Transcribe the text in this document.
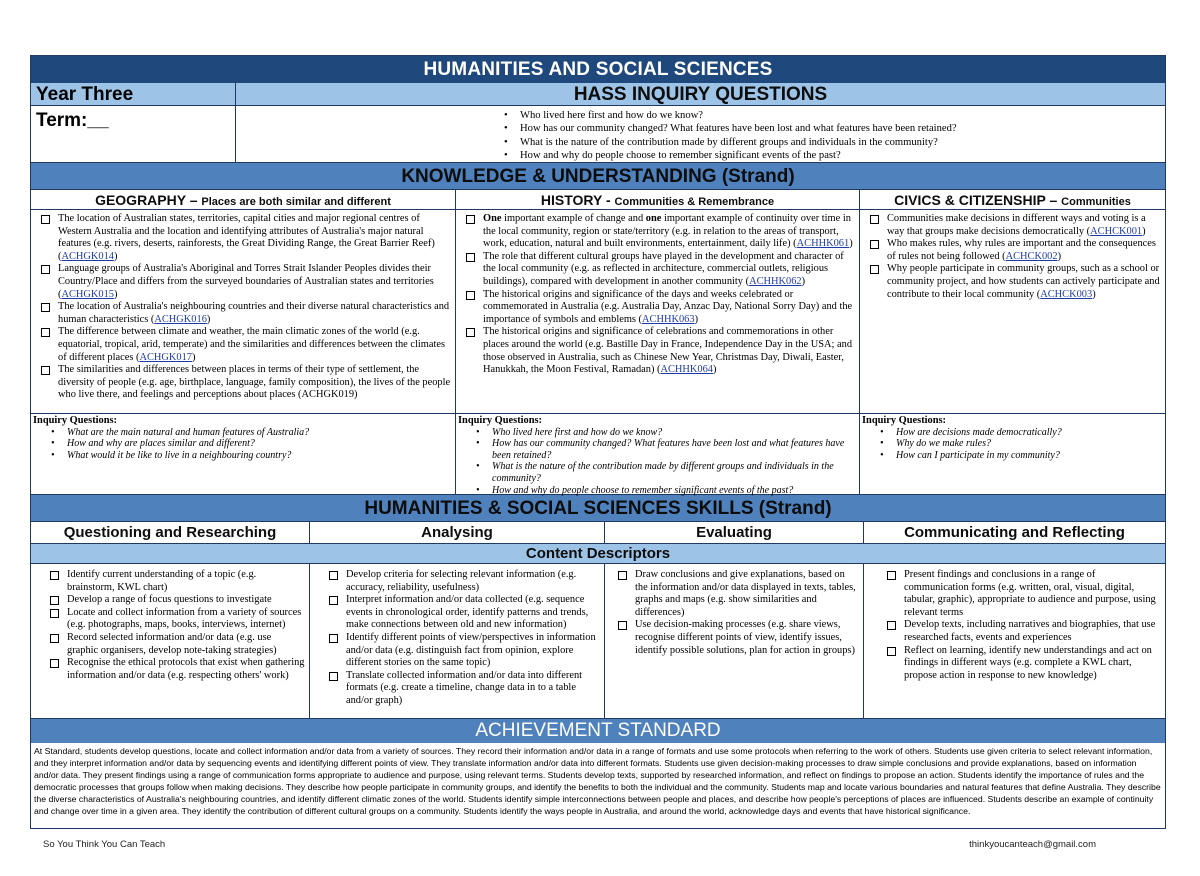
HUMANITIES AND SOCIAL SCIENCES
Year Three	HASS INQUIRY QUESTIONS
Term:__
•	Who lived here first and how do we know?
• How has our community changed? What features have been lost and what features have been retained?
• What is the nature of the contribution made by different groups and individuals in the community?
• How and why do people choose to remember significant events of the past?
KNOWLEDGE & UNDERSTANDING (Strand)
GEOGRAPHY – Places are both similar and different
The location of Australian states, territories, capital cities and major regional centres of Western Australia and the location and identifying attributes of Australia's major natural features (e.g. rivers, deserts, rainforests, the Great Dividing Range, the Great Barrier Reef) (ACHGK014)
Language groups of Australia's Aboriginal and Torres Strait Islander Peoples divides their Country/Place and differs from the surveyed boundaries of Australian states and territories (ACHGK015)
The location of Australia's neighbouring countries and their diverse natural characteristics and human characteristics (ACHGK016)
The difference between climate and weather, the main climatic zones of the world (e.g. equatorial, tropical, arid, temperate) and the similarities and differences between the climates of different places (ACHGK017)
The similarities and differences between places in terms of their type of settlement, the diversity of people (e.g. age, birthplace, language, family composition), the lives of the people who live there, and feelings and perceptions about places (ACHGK019)
Inquiry Questions:
• What are the main natural and human features of Australia?
• How and why are places similar and different?
• What would it be like to live in a neighbouring country?
HISTORY - Communities & Remembrance
One important example of change and one important example of continuity over time in the local community, region or state/territory (e.g. in relation to the areas of transport, work, education, natural and built environments, entertainment, daily life) (ACHHK061)
The role that different cultural groups have played in the development and character of the local community (e.g. as reflected in architecture, commercial outlets, religious buildings), compared with development in another community (ACHHK062)
The historical origins and significance of the days and weeks celebrated or commemorated in Australia (e.g. Australia Day, Anzac Day, National Sorry Day) and the importance of symbols and emblems (ACHHK063)
The historical origins and significance of celebrations and commemorations in other places around the world (e.g. Bastille Day in France, Independence Day in the USA; and those observed in Australia, such as Chinese New Year, Christmas Day, Diwali, Easter, Hanukkah, the Moon Festival, Ramadan) (ACHHK064)
Inquiry Questions:
• Who lived here first and how do we know?
• How has our community changed? What features have been lost and what features have been retained?
• What is the nature of the contribution made by different groups and individuals in the community?
• How and why do people choose to remember significant events of the past?
CIVICS & CITIZENSHIP – Communities
Communities make decisions in different ways and voting is a way that groups make decisions democratically (ACHCK001)
Who makes rules, why rules are important and the consequences of rules not being followed (ACHCK002)
Why people participate in community groups, such as a school or community project, and how students can actively participate and contribute to their local community (ACHCK003)
Inquiry Questions:
• How are decisions made democratically?
• Why do we make rules?
• How can I participate in my community?
HUMANITIES & SOCIAL SCIENCES SKILLS (Strand)
Questioning and Researching	Analysing	Evaluating	Communicating and Reflecting
Content Descriptors
Identify current understanding of a topic (e.g. brainstorm, KWL chart)
Develop a range of focus questions to investigate
Locate and collect information from a variety of sources (e.g. photographs, maps, books, interviews, internet)
Record selected information and/or data (e.g. use graphic organisers, develop note-taking strategies)
Recognise the ethical protocols that exist when gathering information and/or data (e.g. respecting others' work)
Develop criteria for selecting relevant information (e.g. accuracy, reliability, usefulness)
Interpret information and/or data collected (e.g. sequence events in chronological order, identify patterns and trends, make connections between old and new information)
Identify different points of view/perspectives in information and/or data (e.g. distinguish fact from opinion, explore different stories on the same topic)
Translate collected information and/or data into different formats (e.g. create a timeline, change data in to a table and/or graph)
Draw conclusions and give explanations, based on the information and/or data displayed in texts, tables, graphs and maps (e.g. show similarities and differences)
Use decision-making processes (e.g. share views, recognise different points of view, identify issues, identify possible solutions, plan for action in groups)
Present findings and conclusions in a range of communication forms (e.g. written, oral, visual, digital, tabular, graphic), appropriate to audience and purpose, using relevant terms
Develop texts, including narratives and biographies, that use researched facts, events and experiences
Reflect on learning, identify new understandings and act on findings in different ways (e.g. complete a KWL chart, propose action in response to new knowledge)
ACHIEVEMENT STANDARD
At Standard, students develop questions, locate and collect information and/or data from a variety of sources. They record their information and/or data in a range of formats and use some protocols when referring to the work of others. Students use given criteria to select relevant information, and they interpret information and/or data by sequencing events and identifying different points of view. They translate information and/or data into different formats. Students use given decision-making processes to draw simple conclusions and provide explanations, based on information and/or data. They present findings using a range of communication forms appropriate to audience and purpose, using relevant terms. Students develop texts, supported by researched information, and reflect on findings to propose an action. Students identify the importance of rules and the democratic processes that groups follow when making decisions. They describe how people participate in community groups, and identify the benefits to both the individual and the community. Students map and locate various boundaries and natural features that define Australia. They describe the diverse characteristics of Australia's neighbouring countries, and identify different climatic zones of the world. Students identify simple interconnections between people and places, and describe how people's perceptions of places are influenced. Students describe an example of continuity and change over time in a given area. They identify the contribution of different cultural groups on a community. Students identify the ways people in Australia, and around the world, acknowledge days and events that have historical significance.
So You Think You Can Teach	thinkyoucanteach@gmail.com
